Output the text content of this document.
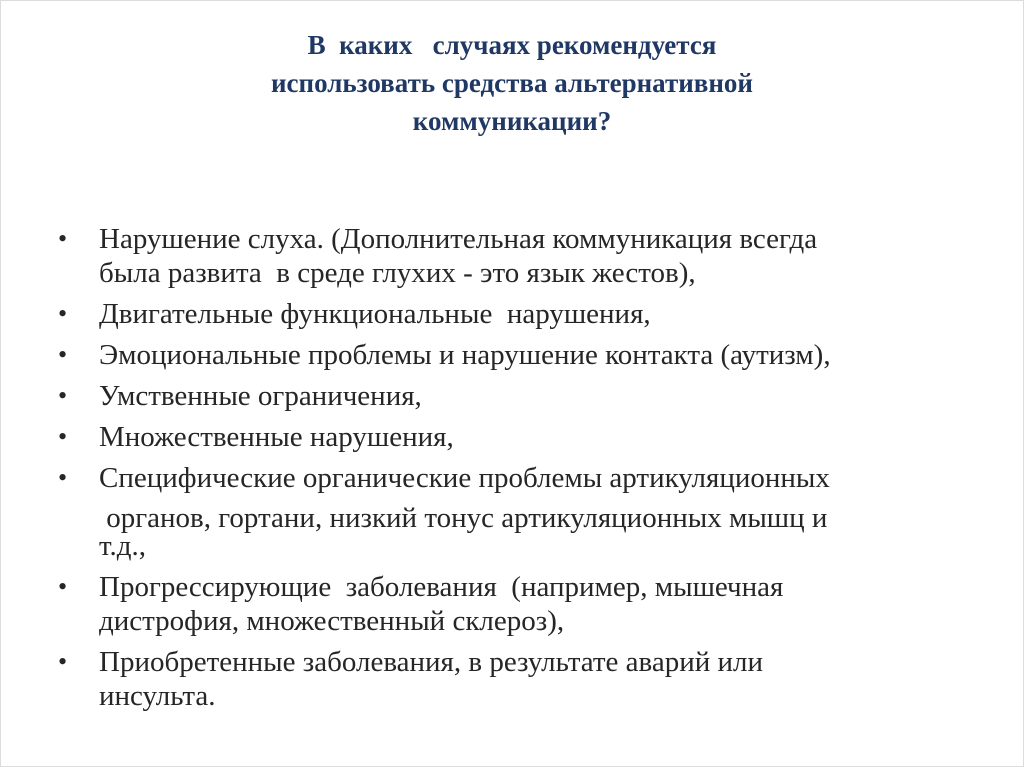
В  каких   случаях рекомендуется
использовать средства альтернативной
коммуникации?
• Нарушение слуха. (Дополнительная коммуникация всегда
была развита  в среде глухих - это язык жестов),
• Двигательные функциональные  нарушения,
• Эмоциональные проблемы и нарушение контакта (аутизм),
• Умственные ограничения,
• Множественные нарушения,
• Специфические органические проблемы артикуляционных
органов, гортани, низкий тонус артикуляционных мышц и
т.д.,
• Прогрессирующие  заболевания  (например, мышечная
дистрофия, множественный склероз),
• Приобретенные заболевания, в результате аварий или
инсульта.
